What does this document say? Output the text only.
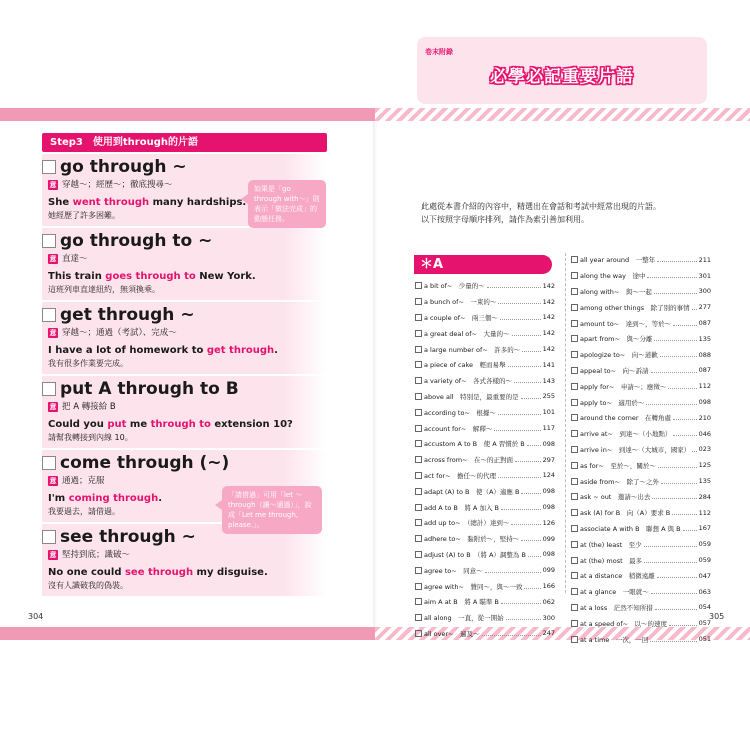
Step3　使用到through的片語
go through ~
意 穿越～；經歷～；徹底搜尋～
She went through many hardships.
她經歷了許多困難。
go through to ~
意 直達～
This train goes through to New York.
這班列車直達紐約，無須換乘。
get through ~
意 穿越～；通過（考試）、完成～
I have a lot of homework to get through.
我有很多作業要完成。
put A through to B
意 把 A 轉接給 B
Could you put me through to extension 10?
請幫我轉接到內線 10。
come through (~)
意 通過；克服
I'm coming through.
我要過去，請借過。
see through ~
意 堅持到底；識破～
No one could see through my disguise.
沒有人識破我的偽裝。
如果是「go through with～」則表示「做法完成」的動態任務。
「請借過」可用「let ～ through（讓～通過）」，說成「Let me through, please.」。
304
卷末附錄
必學必記重要片語
此處從本書介紹的內容中，精選出在會話和考試中經常出現的片語。
以下按照字母順序排列，請作為索引善加利用。
＊A
a bit of~　少量的～	142
a bunch of~　一束的～	142
a couple of~　兩三個～	142
a great deal of~　大量的～	142
a large number of~　許多的～	142
a piece of cake　輕而易舉	141
a variety of~　各式各樣的～	143
above all　特別是，最重要的是	255
according to~　根據～	101
account for~　解釋～	117
accustom A to B　使 A 習慣於 B	098
across from~　在～的正對面	297
act for~　擔任～的代理	124
adapt (A) to B　使（A）適應 B	098
add A to B　將 A 加入 B	098
add up to~　（總計）達到～	126
adhere to~　黏附於～，堅持～	099
adjust (A) to B　（將 A）調整為 B	098
agree to~　同意～	099
agree with~　贊同～，與～一致	166
aim A at B　將 A 瞄準 B	062
all along　一直，從一開始	300
all over~　遍及～	247
all year around　一整年	211
along the way　途中	301
along with~　與～一起	300
among other things　除了別的事情 277
amount to~　達到～，等於～	087
apart from~　與～分離	135
apologize to~　向～道歉	088
appeal to~　向～訴請	087
apply for~　申請～；應徵～	112
apply to~　適用於～	098
around the corner　在轉角處	210
arrive at~　到達～（小地點）	046
arrive in~　到達～（大城市，國家） 023
as for~　至於～，關於～	125
aside from~　除了～之外	135
ask ~ out　邀請～出去	284
ask (A) for B　向（A）要求 B	112
associate A with B　聯想 A 與 B	167
at (the) least　至少	059
at (the) most　最多	059
at a distance　稍微遠離	047
at a glance　一眼就～	063
at a loss　茫然不知所措	054
at a speed of~　以～的速度	057
at a time　一次，一回	051
305
